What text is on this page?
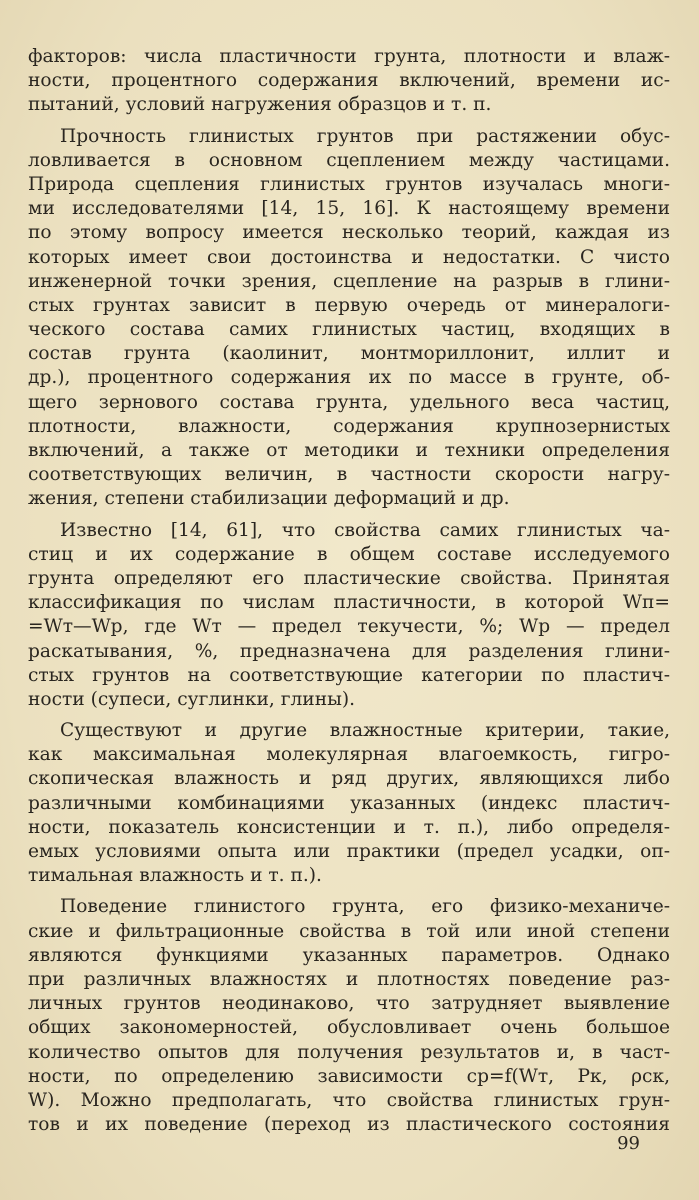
факторов: числа пластичности грунта, плотности и влаж-
ности, процентного содержания включений, времени ис-
пытаний, условий нагружения образцов и т. п.
Прочность глинистых грунтов при растяжении обус-
ловливается в основном сцеплением между частицами.
Природа сцепления глинистых грунтов изучалась многи-
ми исследователями [14, 15, 16]. К настоящему времени
по этому вопросу имеется несколько теорий, каждая из
которых имеет свои достоинства и недостатки. С чисто
инженерной точки зрения, сцепление на разрыв в глини-
стых грунтах зависит в первую очередь от минералоги-
ческого состава самих глинистых частиц, входящих в
состав грунта (каолинит, монтмориллонит, иллит и
др.), процентного содержания их по массе в грунте, об-
щего зернового состава грунта, удельного веса частиц,
плотности, влажности, содержания крупнозернистых
включений, а также от методики и техники определения
соответствующих величин, в частности скорости нагру-
жения, степени стабилизации деформаций и др.
Известно [14, 61], что свойства самих глинистых ча-
стиц и их содержание в общем составе исследуемого
грунта определяют его пластические свойства. Принятая
классификация по числам пластичности, в которой Wп=
=Wт—Wр, где Wт — предел текучести, %; Wр — предел
раскатывания, %, предназначена для разделения глини-
стых грунтов на соответствующие категории по пластич-
ности (супеси, суглинки, глины).
Существуют и другие влажностные критерии, такие,
как максимальная молекулярная влагоемкость, гигро-
скопическая влажность и ряд других, являющихся либо
различными комбинациями указанных (индекс пластич-
ности, показатель консистенции и т. п.), либо определя-
емых условиями опыта или практики (предел усадки, оп-
тимальная влажность и т. п.).
Поведение глинистого грунта, его физико-механиче-
ские и фильтрационные свойства в той или иной степени
являются функциями указанных параметров. Однако
при различных влажностях и плотностях поведение раз-
личных грунтов неодинаково, что затрудняет выявление
общих закономерностей, обусловливает очень большое
количество опытов для получения результатов и, в част-
ности, по определению зависимости cр=f(Wт, Pк, ρск,
W). Можно предполагать, что свойства глинистых грун-
тов и их поведение (переход из пластического состояния
99
